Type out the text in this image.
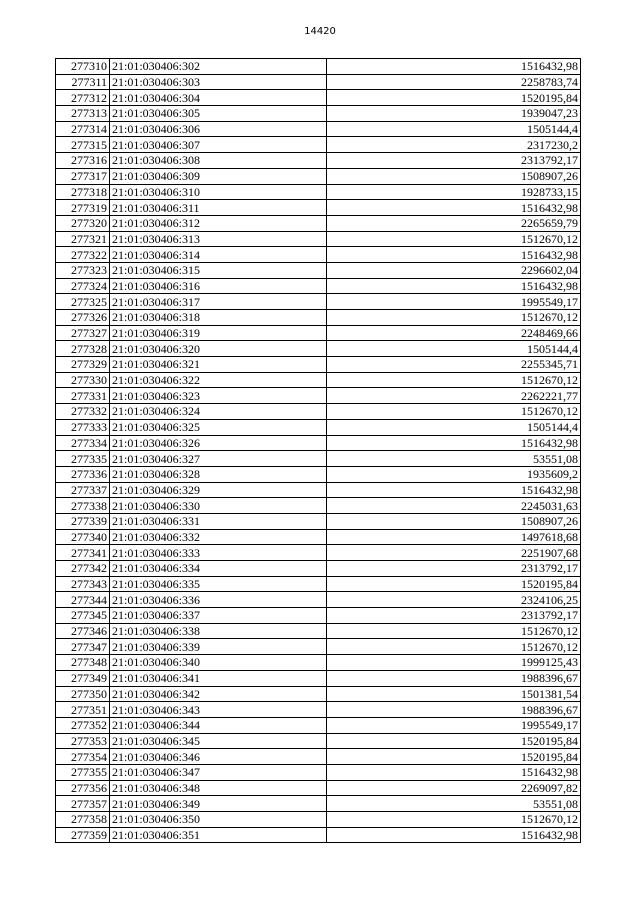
14420
277310	21:01:030406:302	1516432,98
277311	21:01:030406:303	2258783,74
277312	21:01:030406:304	1520195,84
277313	21:01:030406:305	1939047,23
277314	21:01:030406:306	1505144,4
277315	21:01:030406:307	2317230,2
277316	21:01:030406:308	2313792,17
277317	21:01:030406:309	1508907,26
277318	21:01:030406:310	1928733,15
277319	21:01:030406:311	1516432,98
277320	21:01:030406:312	2265659,79
277321	21:01:030406:313	1512670,12
277322	21:01:030406:314	1516432,98
277323	21:01:030406:315	2296602,04
277324	21:01:030406:316	1516432,98
277325	21:01:030406:317	1995549,17
277326	21:01:030406:318	1512670,12
277327	21:01:030406:319	2248469,66
277328	21:01:030406:320	1505144,4
277329	21:01:030406:321	2255345,71
277330	21:01:030406:322	1512670,12
277331	21:01:030406:323	2262221,77
277332	21:01:030406:324	1512670,12
277333	21:01:030406:325	1505144,4
277334	21:01:030406:326	1516432,98
277335	21:01:030406:327	53551,08
277336	21:01:030406:328	1935609,2
277337	21:01:030406:329	1516432,98
277338	21:01:030406:330	2245031,63
277339	21:01:030406:331	1508907,26
277340	21:01:030406:332	1497618,68
277341	21:01:030406:333	2251907,68
277342	21:01:030406:334	2313792,17
277343	21:01:030406:335	1520195,84
277344	21:01:030406:336	2324106,25
277345	21:01:030406:337	2313792,17
277346	21:01:030406:338	1512670,12
277347	21:01:030406:339	1512670,12
277348	21:01:030406:340	1999125,43
277349	21:01:030406:341	1988396,67
277350	21:01:030406:342	1501381,54
277351	21:01:030406:343	1988396,67
277352	21:01:030406:344	1995549,17
277353	21:01:030406:345	1520195,84
277354	21:01:030406:346	1520195,84
277355	21:01:030406:347	1516432,98
277356	21:01:030406:348	2269097,82
277357	21:01:030406:349	53551,08
277358	21:01:030406:350	1512670,12
277359	21:01:030406:351	1516432,98
